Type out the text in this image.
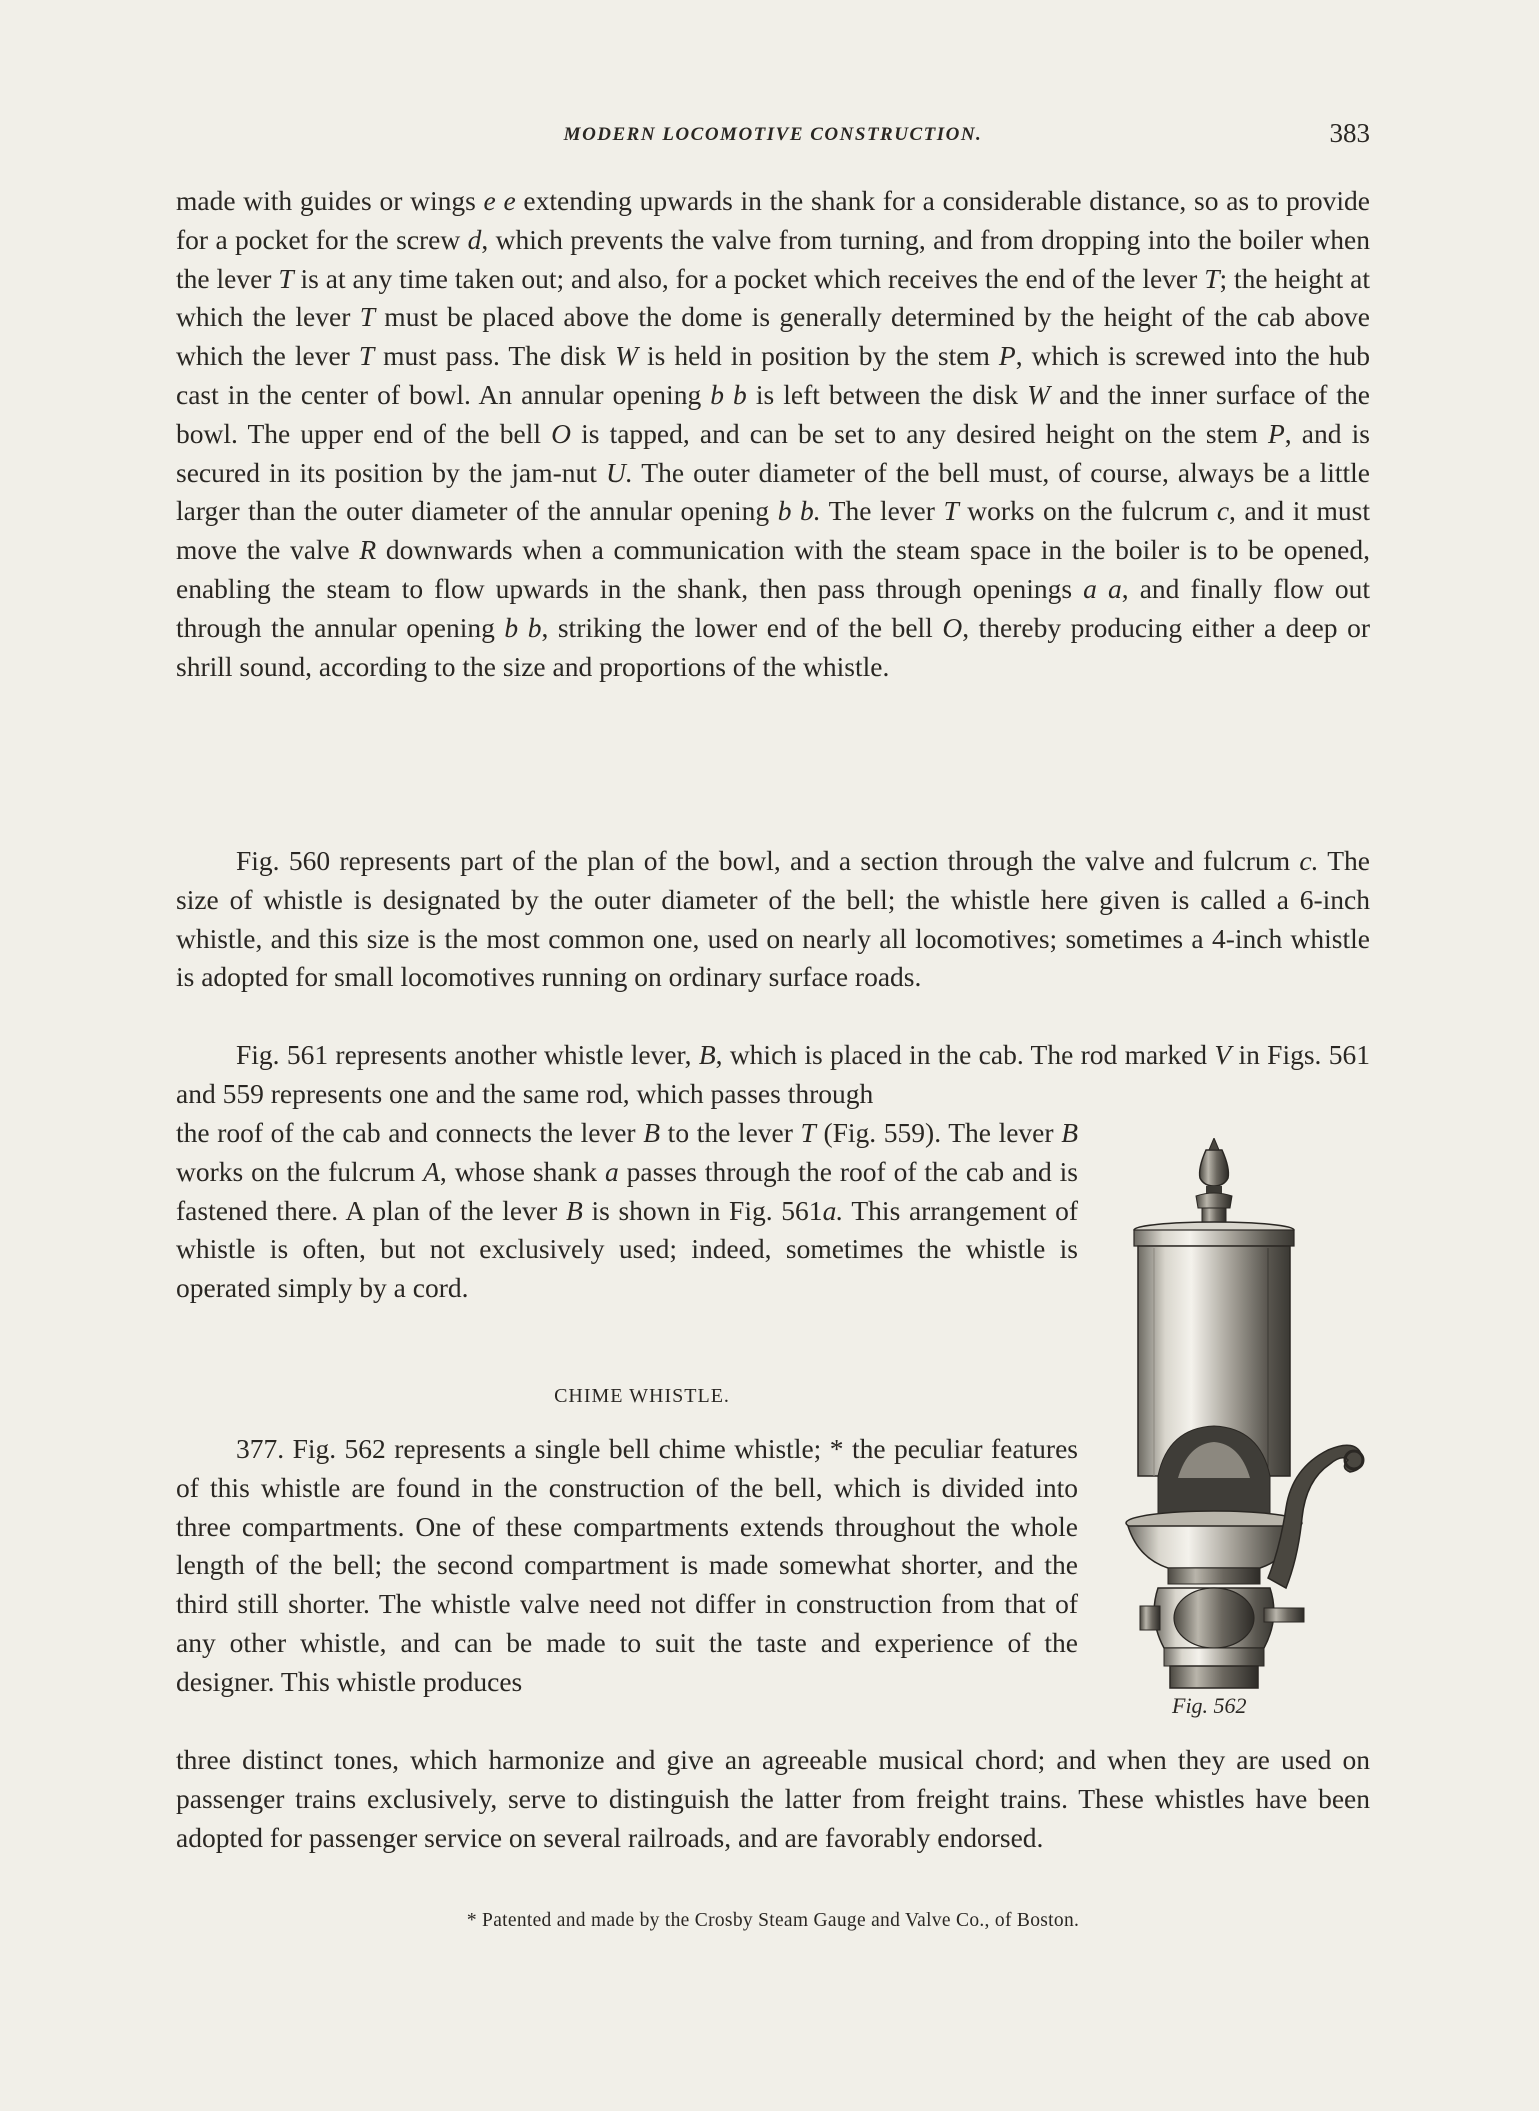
MODERN LOCOMOTIVE CONSTRUCTION.	383

made with guides or wings e e extending upwards in the shank for a considerable distance, so as to provide for a pocket for the screw d, which prevents the valve from turning, and from dropping into the boiler when the lever T is at any time taken out; and also, for a pocket which receives the end of the lever T; the height at which the lever T must be placed above the dome is generally determined by the height of the cab above which the lever T must pass. The disk W is held in position by the stem P, which is screwed into the hub cast in the center of bowl. An annular opening b b is left between the disk W and the inner surface of the bowl. The upper end of the bell O is tapped, and can be set to any desired height on the stem P, and is secured in its position by the jam-nut U. The outer diameter of the bell must, of course, always be a little larger than the outer diameter of the annular opening b b. The lever T works on the fulcrum c, and it must move the valve R downwards when a communication with the steam space in the boiler is to be opened, enabling the steam to flow upwards in the shank, then pass through openings a a, and finally flow out through the annular opening b b, striking the lower end of the bell O, thereby producing either a deep or shrill sound, according to the size and proportions of the whistle.

Fig. 560 represents part of the plan of the bowl, and a section through the valve and fulcrum c. The size of whistle is designated by the outer diameter of the bell; the whistle here given is called a 6-inch whistle, and this size is the most common one, used on nearly all locomotives; sometimes a 4-inch whistle is adopted for small locomotives running on ordinary surface roads.

Fig. 561 represents another whistle lever, B, which is placed in the cab. The rod marked V in Figs. 561 and 559 represents one and the same rod, which passes through

the roof of the cab and connects the lever B to the lever T (Fig. 559). The lever B works on the fulcrum A, whose shank a passes through the roof of the cab and is fastened there. A plan of the lever B is shown in Fig. 561a. This arrangement of whistle is often, but not exclusively used; indeed, sometimes the whistle is operated simply by a cord.

CHIME WHISTLE.

377. Fig. 562 represents a single bell chime whistle; * the peculiar features of this whistle are found in the construction of the bell, which is divided into three compartments. One of these compartments extends throughout the whole length of the bell; the second compartment is made somewhat shorter, and the third still shorter. The whistle valve need not differ in construction from that of any other whistle, and can be made to suit the taste and experience of the designer. This whistle produces

three distinct tones, which harmonize and give an agreeable musical chord; and when they are used on passenger trains exclusively, serve to distinguish the latter from freight trains. These whistles have been adopted for passenger service on several railroads, and are favorably endorsed.

Fig. 562
* Patented and made by the Crosby Steam Gauge and Valve Co., of Boston.
